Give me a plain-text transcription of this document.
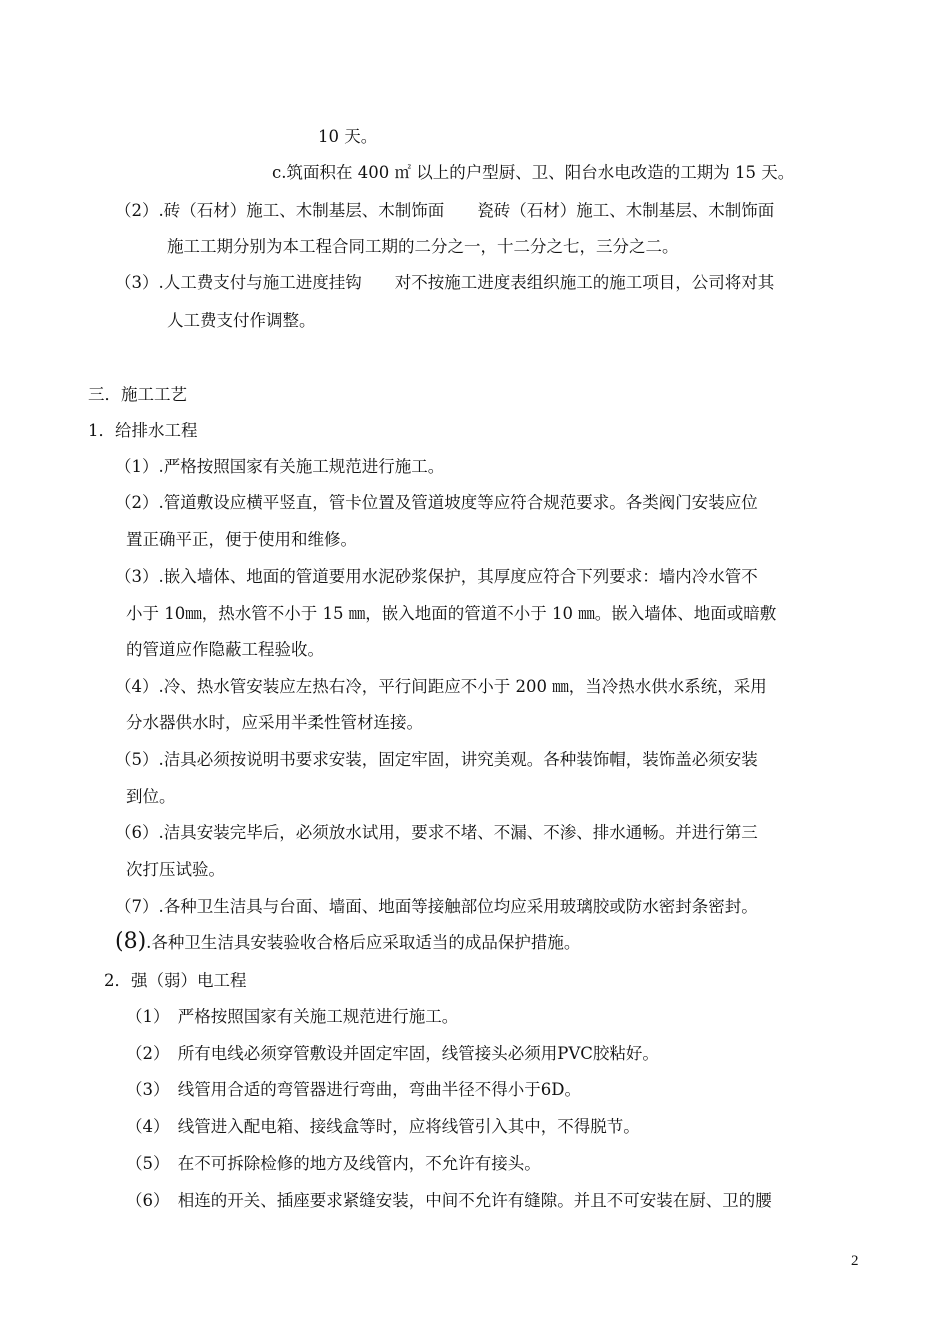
10 天。
c.筑面积在 400 ㎡ 以上的户型厨、卫、阳台水电改造的工期为 15 天。
（2）.砖（石材）施工、木制基层、木制饰面　　瓷砖（石材）施工、木制基层、木制饰面
施工工期分别为本工程合同工期的二分之一，十二分之七，三分之二。
（3）.人工费支付与施工进度挂钩　　对不按施工进度表组织施工的施工项目，公司将对其
人工费支付作调整。
三．施工工艺
1．给排水工程
（1）.严格按照国家有关施工规范进行施工。
（2）.管道敷设应横平竖直，管卡位置及管道坡度等应符合规范要求。各类阀门安装应位
置正确平正，便于使用和维修。
（3）.嵌入墙体、地面的管道要用水泥砂浆保护，其厚度应符合下列要求：墙内冷水管不
小于 10㎜，热水管不小于 15 ㎜，嵌入地面的管道不小于 10 ㎜。嵌入墙体、地面或暗敷
的管道应作隐蔽工程验收。
（4）.冷、热水管安装应左热右冷，平行间距应不小于 200 ㎜，当冷热水供水系统，采用
分水器供水时，应采用半柔性管材连接。
（5）.洁具必须按说明书要求安装，固定牢固，讲究美观。各种装饰帽，装饰盖必须安装
到位。
（6）.洁具安装完毕后，必须放水试用，要求不堵、不漏、不渗、排水通畅。并进行第三
次打压试验。
（7）.各种卫生洁具与台面、墙面、地面等接触部位均应采用玻璃胶或防水密封条密封。
(8).各种卫生洁具安装验收合格后应采取适当的成品保护措施。
2．强（弱）电工程
（1）　严格按照国家有关施工规范进行施工。
（2）　所有电线必须穿管敷设并固定牢固，线管接头必须用PVC胶粘好。
（3）　线管用合适的弯管器进行弯曲，弯曲半径不得小于6D。
（4）　线管进入配电箱、接线盒等时，应将线管引入其中，不得脱节。
（5）　在不可拆除检修的地方及线管内，不允许有接头。
（6）　相连的开关、插座要求紧缝安装，中间不允许有缝隙。并且不可安装在厨、卫的腰
2
